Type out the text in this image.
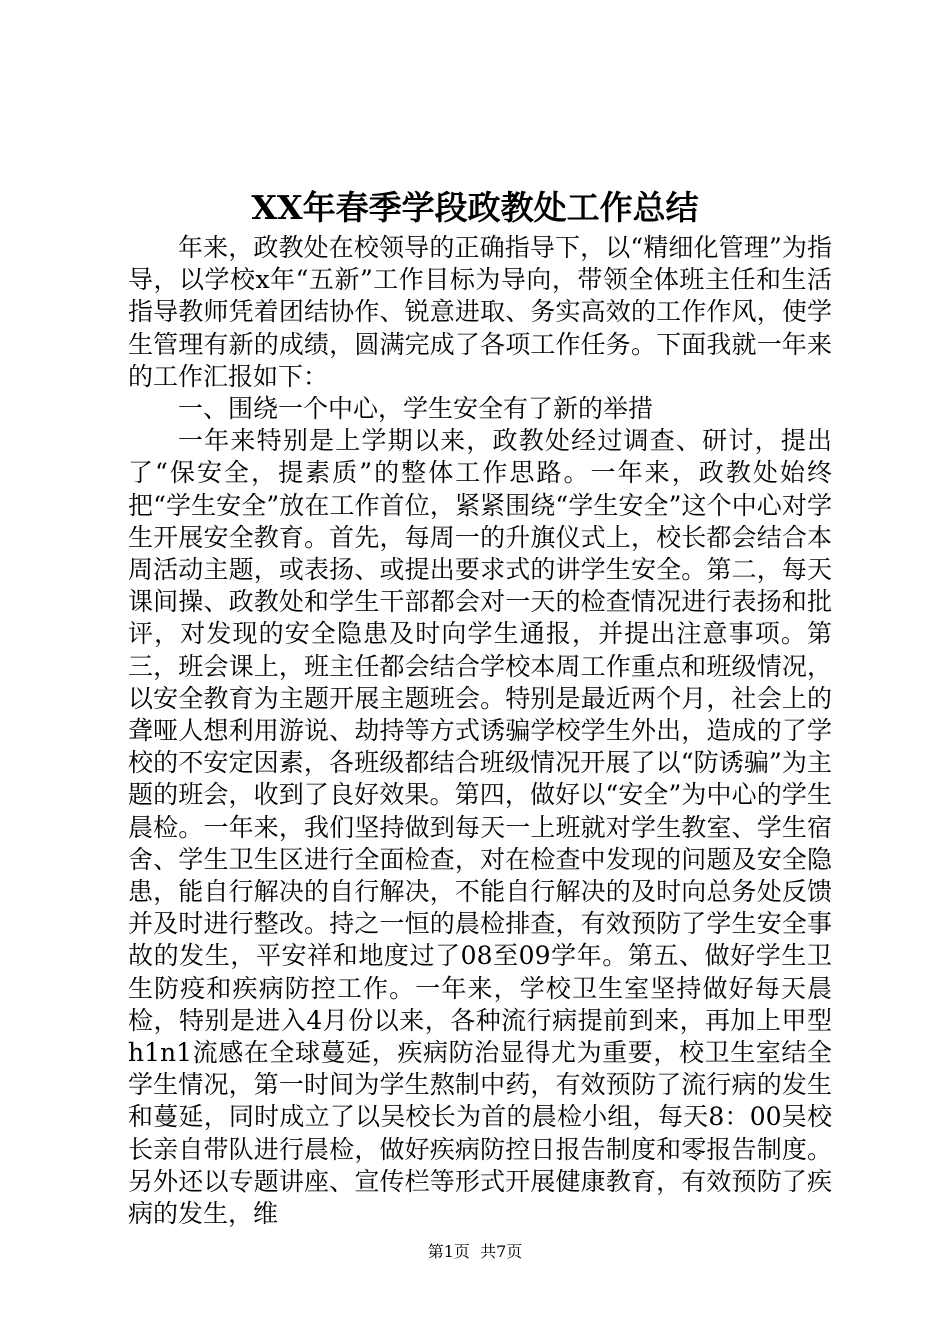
XX年春季学段政教处工作总结

年来，政教处在校领导的正确指导下，以“精细化管理”为指导，以学校x年“五新”工作目标为导向，带领全体班主任和生活指导教师凭着团结协作、锐意进取、务实高效的工作作风，使学生管理有新的成绩，圆满完成了各项工作任务。下面我就一年来的工作汇报如下：

一、围绕一个中心，学生安全有了新的举措

一年来特别是上学期以来，政教处经过调查、研讨，提出了“保安全，提素质”的整体工作思路。一年来，政教处始终把“学生安全”放在工作首位，紧紧围绕“学生安全”这个中心对学生开展安全教育。首先，每周一的升旗仪式上，校长都会结合本周活动主题，或表扬、或提出要求式的讲学生安全。第二，每天课间操、政教处和学生干部都会对一天的检查情况进行表扬和批评，对发现的安全隐患及时向学生通报，并提出注意事项。第三，班会课上，班主任都会结合学校本周工作重点和班级情况，以安全教育为主题开展主题班会。特别是最近两个月，社会上的聋哑人想利用游说、劫持等方式诱骗学校学生外出，造成的了学校的不安定因素，各班级都结合班级情况开展了以“防诱骗”为主题的班会，收到了良好效果。第四，做好以“安全”为中心的学生晨检。一年来，我们坚持做到每天一上班就对学生教室、学生宿舍、学生卫生区进行全面检查，对在检查中发现的问题及安全隐患，能自行解决的自行解决，不能自行解决的及时向总务处反馈并及时进行整改。持之一恒的晨检排查，有效预防了学生安全事故的发生，平安祥和地度过了08至09学年。第五、做好学生卫生防疫和疾病防控工作。一年来，学校卫生室坚持做好每天晨检，特别是进入4月份以来，各种流行病提前到来，再加上甲型h1n1流感在全球蔓延，疾病防治显得尤为重要，校卫生室结全学生情况，第一时间为学生熬制中药，有效预防了流行病的发生和蔓延，同时成立了以吴校长为首的晨检小组，每天8：00吴校长亲自带队进行晨检，做好疾病防控日报告制度和零报告制度。另外还以专题讲座、宣传栏等形式开展健康教育，有效预防了疾病的发生，维

第1页  共7页
